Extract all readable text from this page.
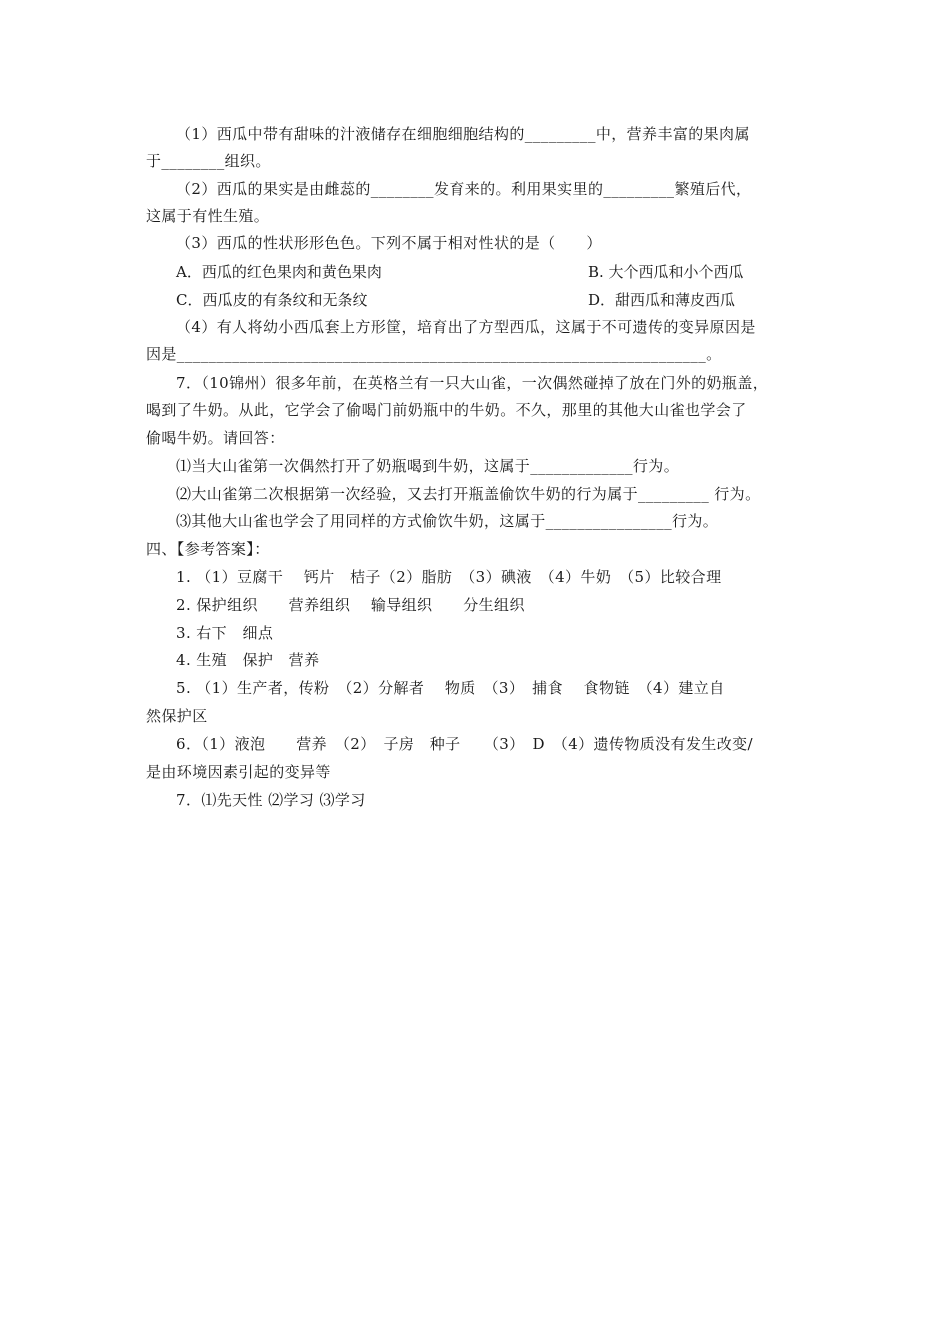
（1）西瓜中带有甜味的汁液储存在细胞细胞结构的_________中，营养丰富的果肉属
于________组织。
（2）西瓜的果实是由雌蕊的________发育来的。利用果实里的_________繁殖后代，
这属于有性生殖。
（3）西瓜的性状形形色色。下列不属于相对性状的是（　　）
A．西瓜的红色果肉和黄色果肉	B. 大个西瓜和小个西瓜
C．西瓜皮的有条纹和无条纹	D．甜西瓜和薄皮西瓜
（4）有人将幼小西瓜套上方形筐，培育出了方型西瓜，这属于不可遗传的变异原因是
因是___________________________________________________________________。
7．（10锦州）很多年前，在英格兰有一只大山雀，一次偶然碰掉了放在门外的奶瓶盖，
喝到了牛奶。从此，它学会了偷喝门前奶瓶中的牛奶。不久，那里的其他大山雀也学会了
偷喝牛奶。请回答：
⑴当大山雀第一次偶然打开了奶瓶喝到牛奶，这属于_____________行为。
⑵大山雀第二次根据第一次经验，又去打开瓶盖偷饮牛奶的行为属于_________ 行为。
⑶其他大山雀也学会了用同样的方式偷饮牛奶，这属于________________行为。
四、【参考答案】：
1. （1）豆腐干　 钙片　桔子（2）脂肪　（3）碘液　（4）牛奶　（5）比较合理
2. 保护组织　　营养组织　 输导组织　　分生组织
3. 右下　细点
4. 生殖　保护　营养
5. （1）生产者，传粉　（2）分解者　 物质　（3）　捕食　 食物链　（4）建立自
然保护区
6．（1）液泡　　营养　（2）　子房　种子　　（3）　D　（4）遗传物质没有发生改变/
是由环境因素引起的变异等
7．⑴先天性 ⑵学习 ⑶学习
